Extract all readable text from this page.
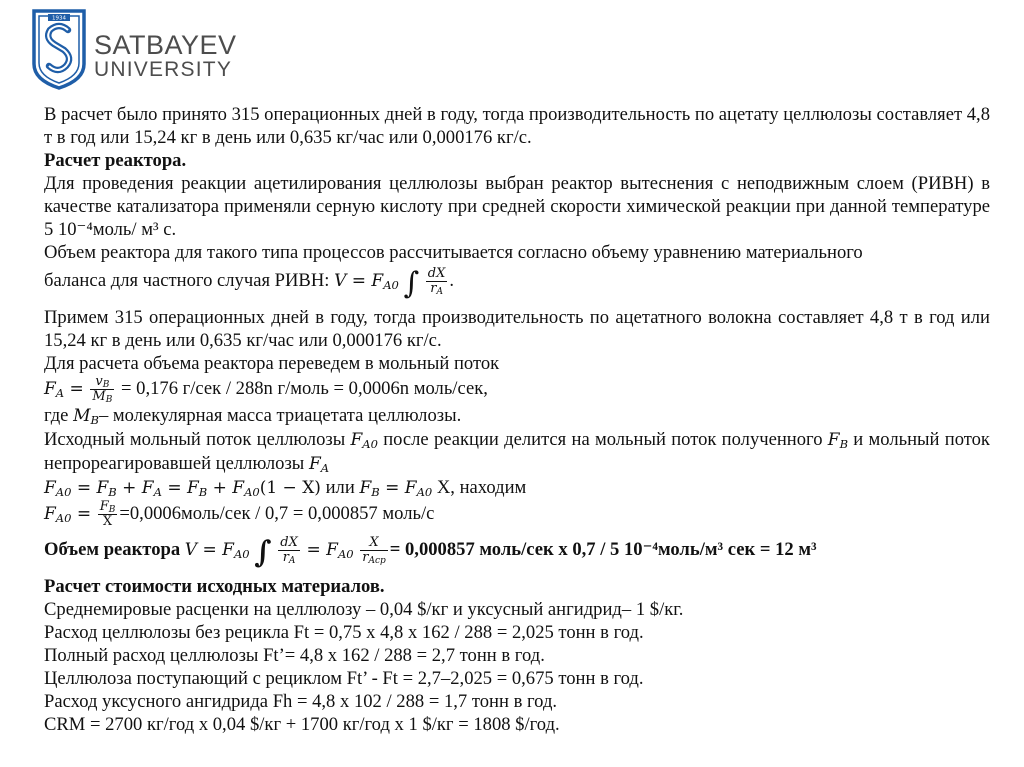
1934
SATBAYEV
UNIVERSITY

В расчет было принято 315 операционных дней в году, тогда производительность по ацетату целлюлозы составляет 4,8 т в год или 15,24 кг в день или 0,635 кг/час или 0,000176 кг/с.

Расчет реактора.

Для проведения реакции ацетилирования целлюлозы выбран реактор вытеснения с неподвижным слоем (РИВН) в качестве катализатора применяли серную кислоту при средней скорости химической реакции при данной температуре 5 10⁻⁴моль/ м³ с.

Объем реактора для такого типа процессов рассчитывается согласно объему уравнению материального

баланса для частного случая РИВН: $V = F_{A0}$ ∫ $\frac{dX}{r_A}$ .

Примем 315 операционных дней в году, тогда производительность по ацетатного волокна составляет 4,8 т в год или 15,24 кг в день или 0,635 кг/час или 0,000176 кг/с.

Для расчета объема реактора переведем в мольный поток

$F_A = \frac{v_B}{M_B} = 0,176$ г/сек / 288n г/моль = 0,0006n моль/сек,

где $M_B-$ молекулярная масса триацетата целлюлозы.

Исходный мольный поток целлюлозы $F_{A0}$ после реакции делится на мольный поток полученного $F_B$ и мольный поток непрореагировавшей целлюлозы $F_A$

$F_{A0} = F_B + F_A = F_B + F_{A0}(1 - Х)$ или $F_B = F_{A0}$ Х, находим

$F_{A0} = \frac{F_B}{Х}$ =0,0006моль/сек / 0,7 = 0,000857 моль/с

Объем реактора $V = F_{A0}$ ∫ $\frac{dX}{r_A} = F_{A0} \frac{X}{r_{Acp}} = 0,000857$ моль/сек х 0,7 / 5 10⁻⁴моль/м³ сек = 12 м³

Расчет стоимости исходных материалов.

Среднемировые расценки на целлюлозу – 0,04 $/кг и уксусный ангидрид– 1 $/кг.

Расход целлюлозы без рецикла Ft = 0,75 х 4,8 х 162 / 288 = 2,025 тонн в год.

Полный расход целлюлозы Ft’= 4,8 х 162 / 288 = 2,7 тонн в год.

Целлюлоза поступающий с рециклом Ft’ - Ft = 2,7–2,025 = 0,675 тонн в год.

Расход уксусного ангидрида Fh = 4,8 х 102 / 288 = 1,7 тонн в год.

CRM = 2700 кг/год х 0,04 $/кг + 1700 кг/год х 1 $/кг = 1808 $/год.
